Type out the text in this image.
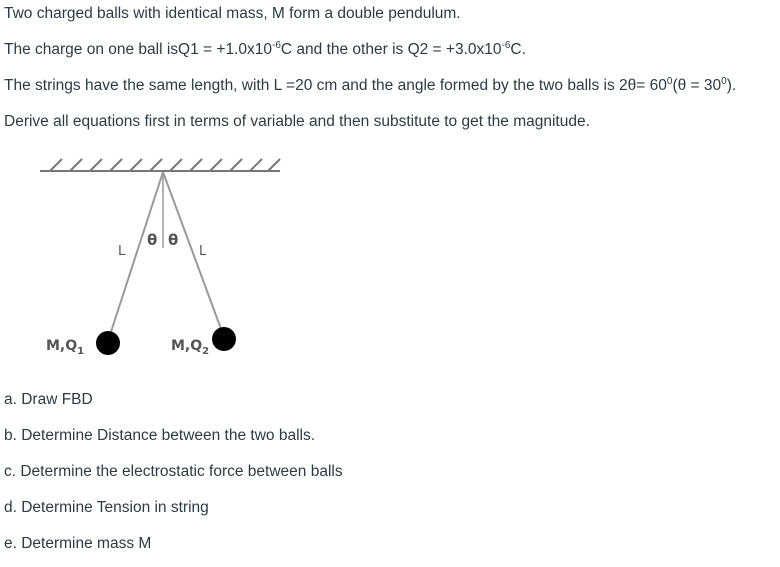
Two charged balls with identical mass, M form a double pendulum.

The charge on one ball $isQ1 = +1.0x10^{-6}C$ and the other is $Q2 = +3.0x10^{-6}C$.

The strings have the same length, with L =20 cm and the angle formed by the two balls is $2\theta= 60^0(\theta = 30^0)$.

Derive all equations first in terms of variable and then substitute to get the magnitude.

L
θ θ
L
$M,Q_1$	$M,Q_2$

a. Draw FBD

b. Determine Distance between the two balls.

c. Determine the electrostatic force between balls

d. Determine Tension in string

e. Determine mass M
